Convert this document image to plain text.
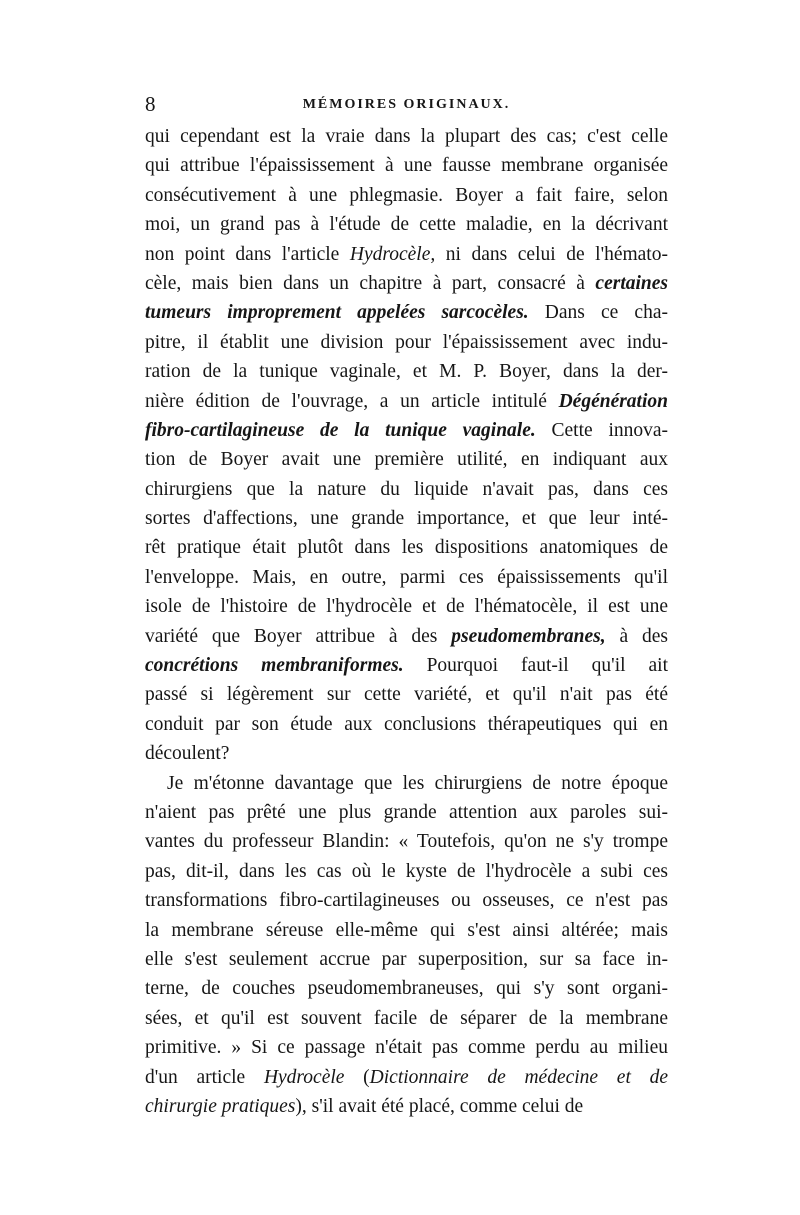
8	MÉMOIRES ORIGINAUX.
qui cependant est la vraie dans la plupart des cas; c'est celle
qui attribue l'épaississement à une fausse membrane organisée
consécutivement à une phlegmasie. Boyer a fait faire, selon
moi, un grand pas à l'étude de cette maladie, en la décrivant
non point dans l'article Hydrocèle, ni dans celui de l'hémato-
cèle, mais bien dans un chapitre à part, consacré à certaines
tumeurs improprement appelées sarcocèles. Dans ce cha-
pitre, il établit une division pour l'épaississement avec indu-
ration de la tunique vaginale, et M. P. Boyer, dans la der-
nière édition de l'ouvrage, a un article intitulé Dégénération
fibro-cartilagineuse de la tunique vaginale. Cette innova-
tion de Boyer avait une première utilité, en indiquant aux
chirurgiens que la nature du liquide n'avait pas, dans ces
sortes d'affections, une grande importance, et que leur inté-
rêt pratique était plutôt dans les dispositions anatomiques de
l'enveloppe. Mais, en outre, parmi ces épaississements qu'il
isole de l'histoire de l'hydrocèle et de l'hématocèle, il est une
variété que Boyer attribue à des pseudomembranes, à des
concrétions membraniformes. Pourquoi faut-il qu'il ait
passé si légèrement sur cette variété, et qu'il n'ait pas été
conduit par son étude aux conclusions thérapeutiques qui en
découlent?
Je m'étonne davantage que les chirurgiens de notre époque
n'aient pas prêté une plus grande attention aux paroles sui-
vantes du professeur Blandin: « Toutefois, qu'on ne s'y trompe
pas, dit-il, dans les cas où le kyste de l'hydrocèle a subi ces
transformations fibro-cartilagineuses ou osseuses, ce n'est pas
la membrane séreuse elle-même qui s'est ainsi altérée; mais
elle s'est seulement accrue par superposition, sur sa face in-
terne, de couches pseudomembraneuses, qui s'y sont organi-
sées, et qu'il est souvent facile de séparer de la membrane
primitive. » Si ce passage n'était pas comme perdu au milieu
d'un article Hydrocèle (Dictionnaire de médecine et de
chirurgie pratiques), s'il avait été placé, comme celui de
